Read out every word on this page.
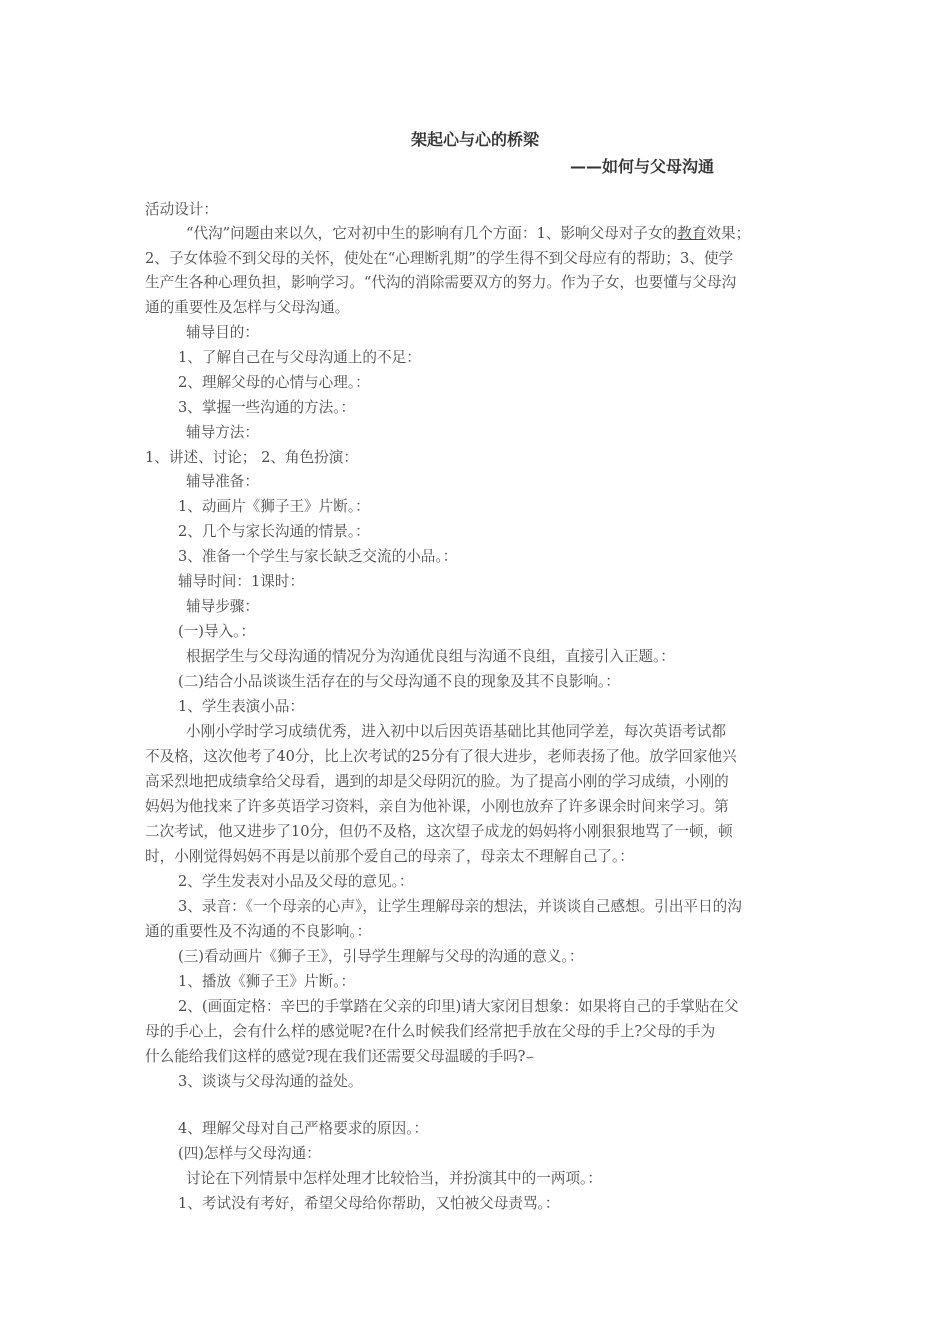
架起心与心的桥梁
——如何与父母沟通
活动设计：
“代沟”问题由来以久，它对初中生的影响有几个方面：1、影响父母对子女的教育效果；
2、子女体验不到父母的关怀，使处在“心理断乳期”的学生得不到父母应有的帮助；3、使学
生产生各种心理负担，影响学习。“代沟的消除需要双方的努力。作为子女，也要懂与父母沟
通的重要性及怎样与父母沟通。
辅导目的：
1、了解自己在与父母沟通上的不足：
2、理解父母的心情与心理。：
3、掌握一些沟通的方法。：
辅导方法：
1、讲述、讨论； 2、角色扮演：
辅导准备：
1、动画片《狮子王》片断。：
2、几个与家长沟通的情景。：
3、准备一个学生与家长缺乏交流的小品。：
辅导时间：1课时：
辅导步骤：
(一)导入。：
根据学生与父母沟通的情况分为沟通优良组与沟通不良组，直接引入正题。：
(二)结合小品谈谈生活存在的与父母沟通不良的现象及其不良影响。：
1、学生表演小品：
小刚小学时学习成绩优秀，进入初中以后因英语基础比其他同学差，每次英语考试都
不及格，这次他考了40分，比上次考试的25分有了很大进步，老师表扬了他。放学回家他兴
高采烈地把成绩拿给父母看，遇到的却是父母阴沉的脸。为了提高小刚的学习成绩，小刚的
妈妈为他找来了许多英语学习资料，亲自为他补课，小刚也放弃了许多课余时间来学习。第
二次考试，他又进步了10分，但仍不及格，这次望子成龙的妈妈将小刚狠狠地骂了一顿，顿
时，小刚觉得妈妈不再是以前那个爱自己的母亲了，母亲太不理解自己了。：
2、学生发表对小品及父母的意见。：
3、录音：《一个母亲的心声》，让学生理解母亲的想法，并谈谈自己感想。引出平日的沟
通的重要性及不沟通的不良影响。：
(三)看动画片《狮子王》，引导学生理解与父母的沟通的意义。：
1、播放《狮子王》片断。：
2、(画面定格：辛巴的手掌踏在父亲的印里)请大家闭目想象：如果将自己的手掌贴在父
母的手心上，会有什么样的感觉呢?在什么时候我们经常把手放在父母的手上?父母的手为
什么能给我们这样的感觉?现在我们还需要父母温暖的手吗?∽
3、谈谈与父母沟通的益处。
4、理解父母对自己严格要求的原因。：
(四)怎样与父母沟通：
讨论在下列情景中怎样处理才比较恰当，并扮演其中的一两项。：
1、考试没有考好，希望父母给你帮助，又怕被父母责骂。：
